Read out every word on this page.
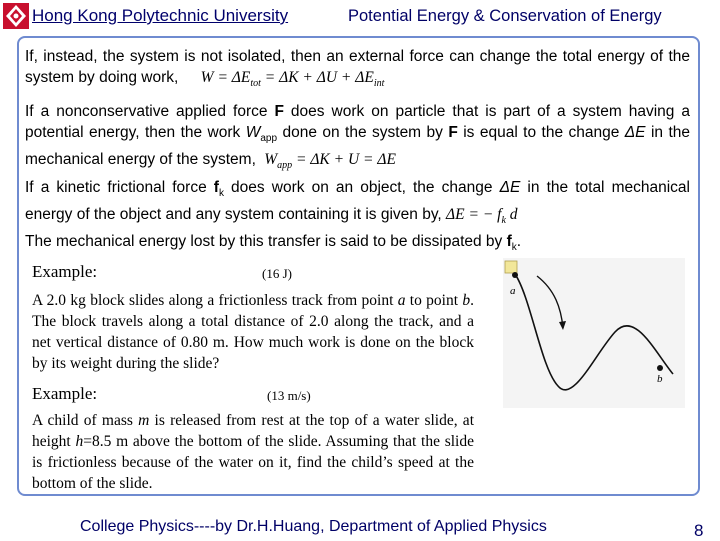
Hong Kong Polytechnic University	Potential Energy & Conservation of Energy
If, instead, the system is not isolated, then an external force can change the total energy of the system by doing work, $W = \Delta E_{tot} = \Delta K + \Delta U + \Delta E_{int}$
If a nonconservative applied force F does work on particle that is part of a system having a potential energy, then the work $W_{app}$ done on the system by F is equal to the change ΔE in the mechanical energy of the system, $W_{app} = \Delta K + U = \Delta E$
If a kinetic frictional force $f_k$ does work on an object, the change ΔE in the total mechanical energy of the object and any system containing it is given by, ΔE = − $f_k$ d
The mechanical energy lost by this transfer is said to be dissipated by $f_k$.
Example:	(16 J)
A 2.0 kg block slides along a frictionless track from point a to point b. The block travels along a total distance of 2.0 along the track, and a net vertical distance of 0.80 m. How much work is done on the block by its weight during the slide?
Example:	(13 m/s)
A child of mass m is released from rest at the top of a water slide, at height h=8.5 m above the bottom of the slide. Assuming that the slide is frictionless because of the water on it, find the child’s speed at the bottom of the slide.
a
b
College Physics----by Dr.H.Huang, Department of Applied Physics	8
